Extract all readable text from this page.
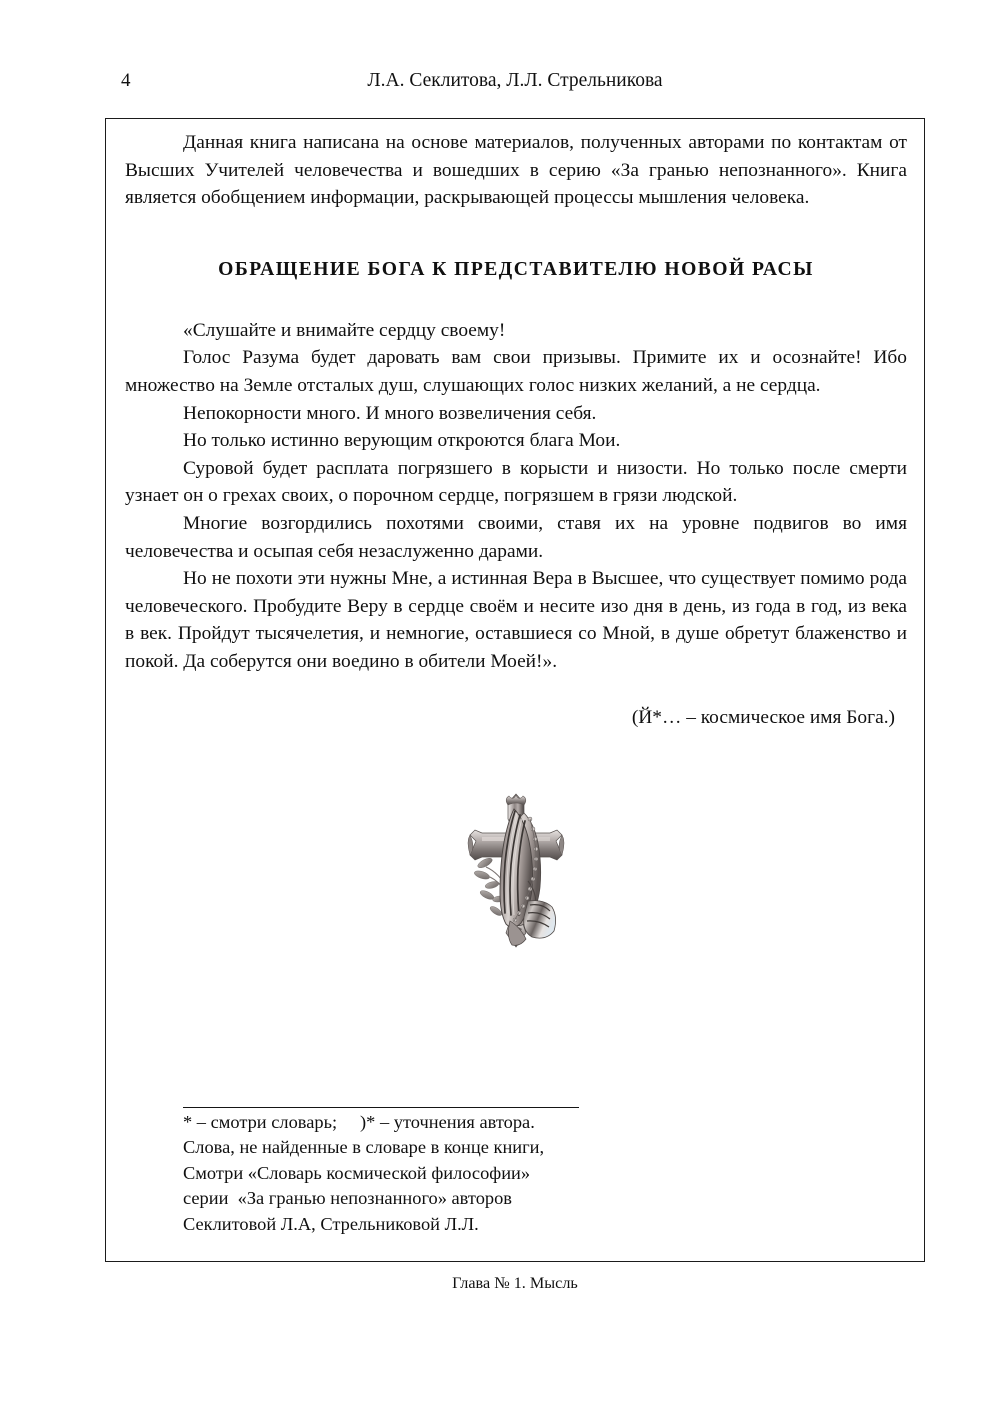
4	Л.А. Секлитова, Л.Л. Стрельникова

Данная книга написана на основе материалов, полученных авторами по контактам от Высших Учителей человечества и вошедших в серию «За гранью непознанного». Книга является обобщением информации, раскрывающей процессы мышления человека.

ОБРАЩЕНИЕ БОГА К ПРЕДСТАВИТЕЛЮ НОВОЙ РАСЫ

«Слушайте и внимайте сердцу своему!

Голос Разума будет даровать вам свои призывы. Примите их и осознайте! Ибо множество на Земле отсталых душ, слушающих голос низких желаний, а не сердца.

Непокорности много. И много возвеличения себя.

Но только истинно верующим откроются блага Мои.

Суровой будет расплата погрязшего в корысти и низости. Но только после смерти узнает он о грехах своих, о порочном сердце, погрязшем в грязи людской.

Многие возгордились похотями своими, ставя их на уровне подвигов во имя человечества и осыпая себя незаслуженно дарами.

Но не похоти эти нужны Мне, а истинная Вера в Высшее, что существует помимо рода человеческого. Пробудите Веру в сердце своём и несите изо дня в день, из года в год, из века в век. Пройдут тысячелетия, и немногие, оставшиеся со Мной, в душе обретут блаженство и покой. Да соберутся они воедино в обители Моей!».

(Й*… – космическое имя Бога.)

* – смотри словарь;     )* – уточнения автора.

Слова, не найденные в словаре в конце книги,

Смотри «Словарь космической философии»

серии  «За гранью непознанного» авторов

Секлитовой Л.А, Стрельниковой Л.Л.

Глава № 1. Мысль
